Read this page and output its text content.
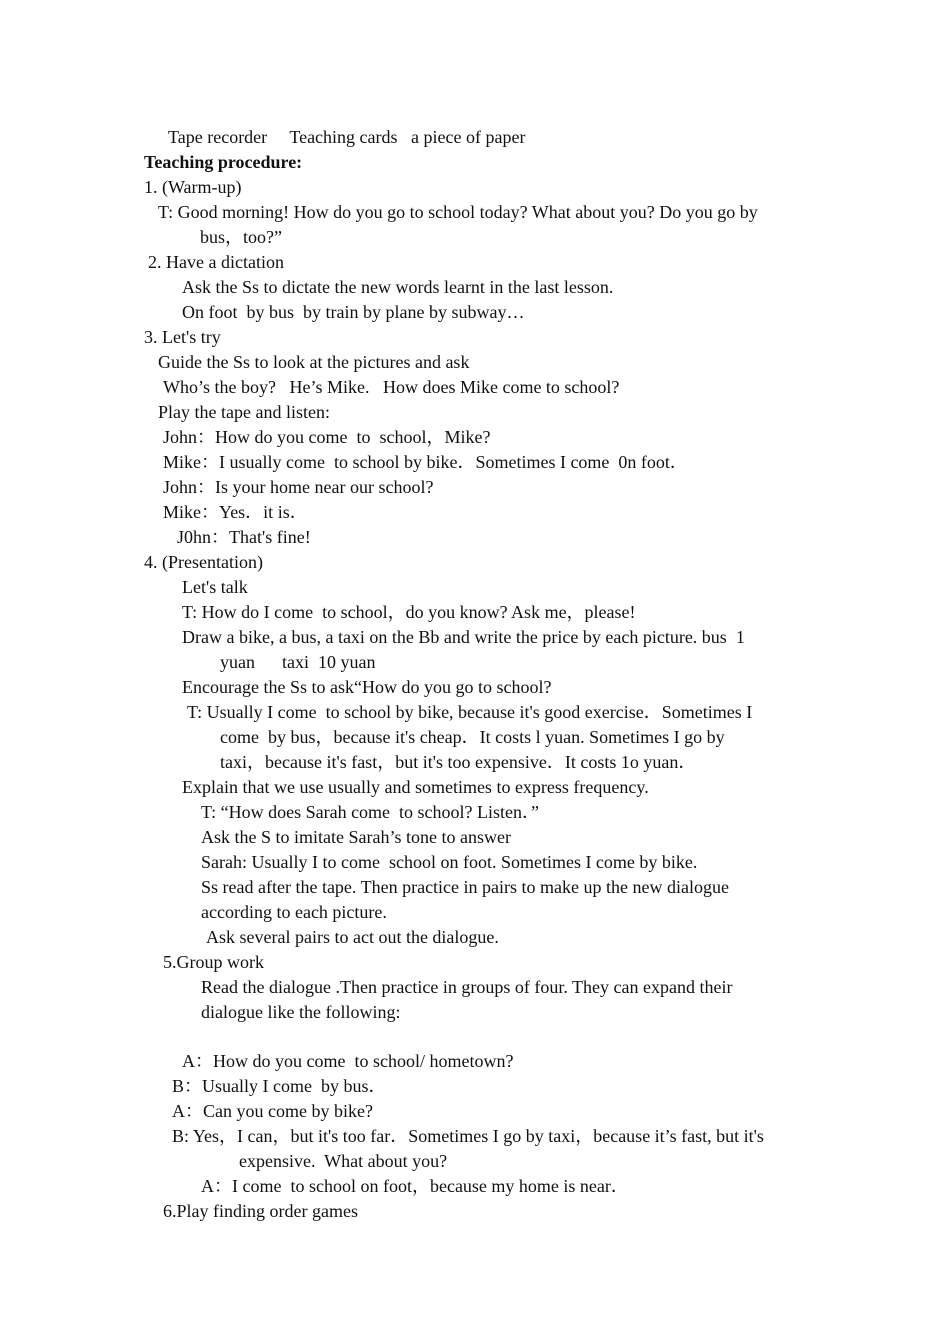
Tape recorder     Teaching cards   a piece of paper
Teaching procedure:
1. (Warm-up)
T: Good morning! How do you go to school today? What about you? Do you go by
bus，too?”
2. Have a dictation
Ask the Ss to dictate the new words learnt in the last lesson.
On foot  by bus  by train by plane by subway…
3. Let's try
Guide the Ss to look at the pictures and ask
Who’s the boy?   He’s Mike.   How does Mike come to school?
Play the tape and listen:
John：How do you come  to  school，Mike?
Mike：I usually come  to school by bike．Sometimes I come  0n foot．
John：Is your home near our school?
Mike：Yes．it is．
J0hn：That's fine!
4. (Presentation)
Let's talk
T: How do I come  to school，do you know? Ask me，please!
Draw a bike, a bus, a taxi on the Bb and write the price by each picture. bus  1
yuan      taxi  10 yuan
Encourage the Ss to ask“How do you go to school?
T: Usually I come  to school by bike, because it's good exercise．Sometimes I
come  by bus，because it's cheap．It costs l yuan. Sometimes I go by
taxi，because it's fast，but it's too expensive．It costs 1o yuan．
Explain that we use usually and sometimes to express frequency.
T: “How does Sarah come  to school? Listen．”
Ask the S to imitate Sarah’s tone to answer
Sarah: Usually I to come  school on foot. Sometimes I come by bike.
Ss read after the tape. Then practice in pairs to make up the new dialogue
according to each picture.
Ask several pairs to act out the dialogue.
5.Group work
Read the dialogue .Then practice in groups of four. They can expand their
dialogue like the following:
A：How do you come  to school/ hometown?
B：Usually I come  by bus．
A：Can you come by bike?
B: Yes，I can，but it's too far．Sometimes I go by taxi，because it’s fast, but it's
expensive.  What about you?
A：I come  to school on foot，because my home is near．
6.Play finding order games
